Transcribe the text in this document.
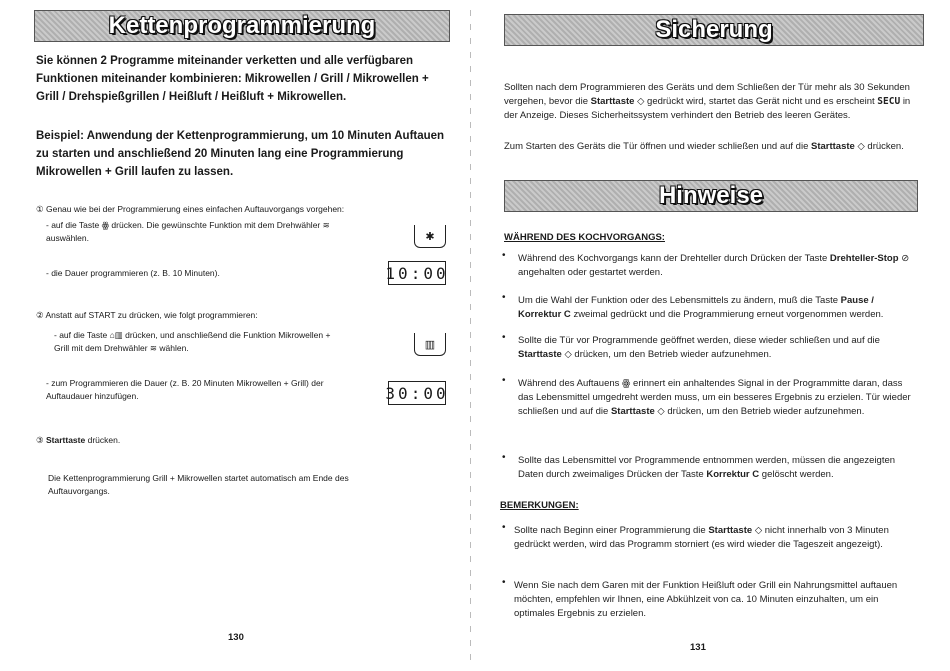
Kettenprogrammierung
Sie können 2 Programme miteinander verketten und alle verfügbaren Funktionen miteinander kombinieren: Mikrowellen / Grill / Mikrowellen + Grill / Drehspießgrillen / Heißluft / Heißluft + Mikrowellen.
Beispiel: Anwendung der Kettenprogrammierung, um 10 Minuten Auftauen zu starten und anschließend 20 Minuten lang eine Programmierung Mikrowellen + Grill laufen zu lassen.
① Genau wie bei der Programmierung eines einfachen Auftauvorgangs vorgehen:
- auf die Taste ꙮ drücken. Die gewünschte Funktion mit dem Drehwähler ≋ auswählen.	✱
- die Dauer programmieren (z. B. 10 Minuten).	10:00
② Anstatt auf START zu drücken, wie folgt programmieren:
- auf die Taste ⌂▥ drücken, und anschließend die Funktion Mikrowellen + Grill mit dem Drehwähler ≋ wählen.	▥
- zum Programmieren die Dauer (z. B. 20 Minuten Mikrowellen + Grill) der Auftaudauer hinzufügen.	30:00
③ Starttaste drücken.
Die Kettenprogrammierung Grill + Mikrowellen startet automatisch am Ende des Auftauvorgangs.
130
Sicherung
Sollten nach dem Programmieren des Geräts und dem Schließen der Tür mehr als 30 Sekunden vergehen, bevor die Starttaste ◇ gedrückt wird, startet das Gerät nicht und es erscheint SECU in der Anzeige. Dieses Sicherheitssystem verhindert den Betrieb des leeren Gerätes.
Zum Starten des Geräts die Tür öffnen und wieder schließen und auf die Starttaste ◇ drücken.
Hinweise
WÄHREND DES KOCHVORGANGS:
• Während des Kochvorgangs kann der Drehteller durch Drücken der Taste Drehteller-Stop ⊘ angehalten oder gestartet werden.
• Um die Wahl der Funktion oder des Lebensmittels zu ändern, muß die Taste Pause / Korrektur C zweimal gedrückt und die Programmierung erneut vorgenommen werden.
• Sollte die Tür vor Programmende geöffnet werden, diese wieder schließen und auf die Starttaste ◇ drücken, um den Betrieb wieder aufzunehmen.
• Während des Auftauens ꙮ erinnert ein anhaltendes Signal in der Programmitte daran, dass das Lebensmittel umgedreht werden muss, um ein besseres Ergebnis zu erzielen. Tür wieder schließen und auf die Starttaste ◇ drücken, um den Betrieb wieder aufzunehmen.
• Sollte das Lebensmittel vor Programmende entnommen werden, müssen die angezeigten Daten durch zweimaliges Drücken der Taste Korrektur C gelöscht werden.
BEMERKUNGEN:
• Sollte nach Beginn einer Programmierung die Starttaste ◇ nicht innerhalb von 3 Minuten gedrückt werden, wird das Programm storniert (es wird wieder die Tageszeit angezeigt).
• Wenn Sie nach dem Garen mit der Funktion Heißluft oder Grill ein Nahrungsmittel auftauen möchten, empfehlen wir Ihnen, eine Abkühlzeit von ca. 10 Minuten einzuhalten, um ein optimales Ergebnis zu erzielen.
131
